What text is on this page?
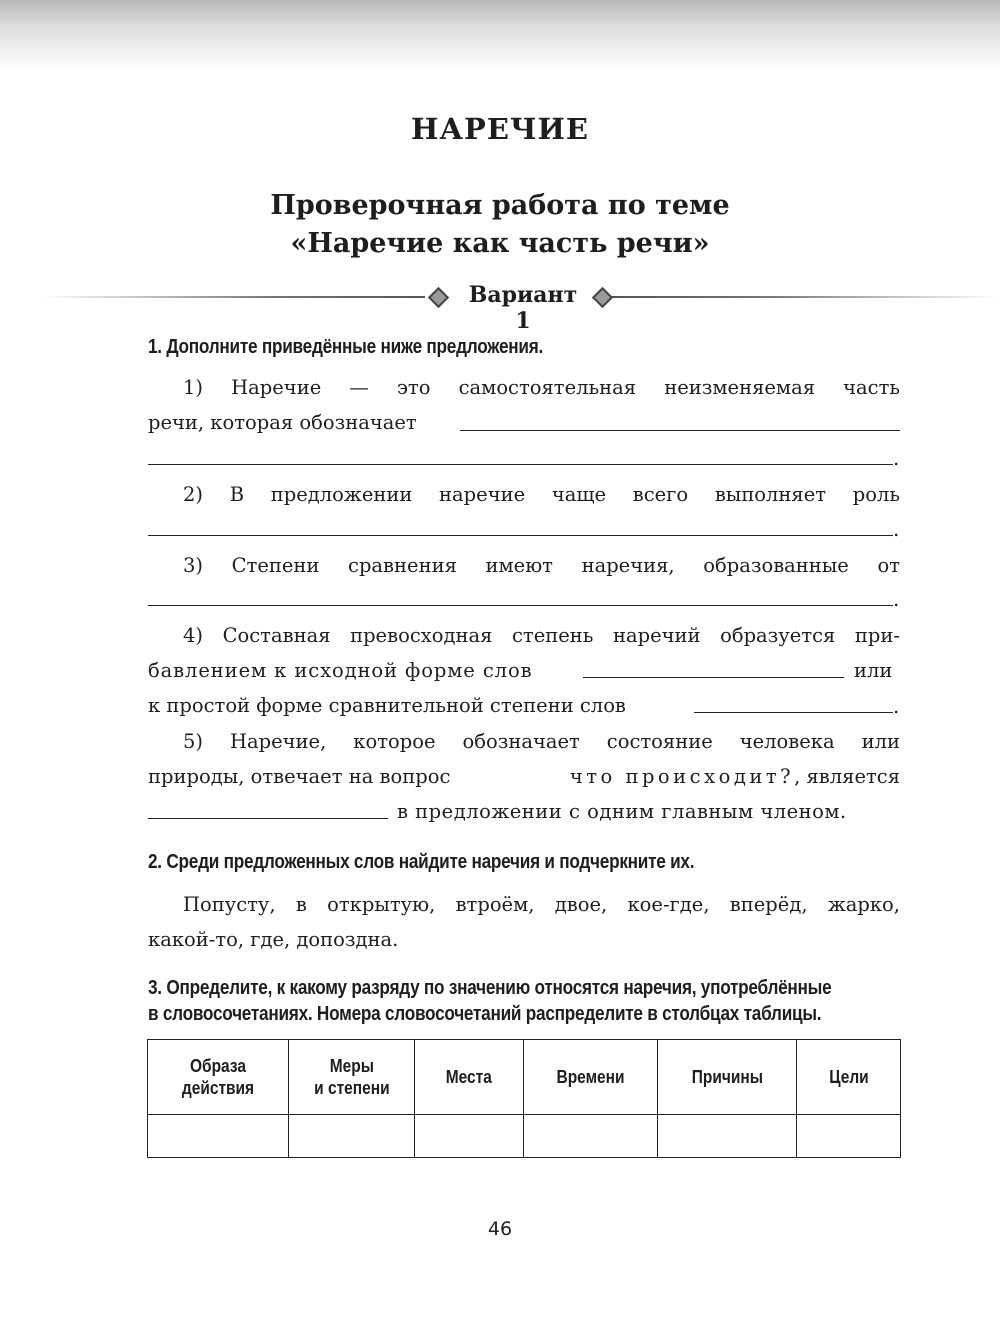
НАРЕЧИЕ
Проверочная работа по теме
«Наречие как часть речи»
Вариант 1
1. Дополните приведённые ниже предложения.
1) Наречие — это самостоятельная неизменяемая часть
речи, которая обозначает
.
2) В предложении наречие чаще всего выполняет роль
.
3) Степени сравнения имеют наречия, образованные от
.
4) Составная превосходная степень наречий образуется при-
бавлением к исходной форме слов	или
к простой форме сравнительной степени слов	.
5) Наречие, которое обозначает состояние человека или
природы, отвечает на вопрос	что происходит?, является
в предложении с одним главным членом.
2. Среди предложенных слов найдите наречия и подчеркните их.
Попусту, в открытую, втроём, двое, кое-где, вперёд, жарко,
какой-то, где, допоздна.
3. Определите, к какому разряду по значению относятся наречия, употреблённые
в словосочетаниях. Номера словосочетаний распределите в столбцах таблицы.
Образа
действия	Меры
и степени	Места	Времени	Причины	Цели

46
